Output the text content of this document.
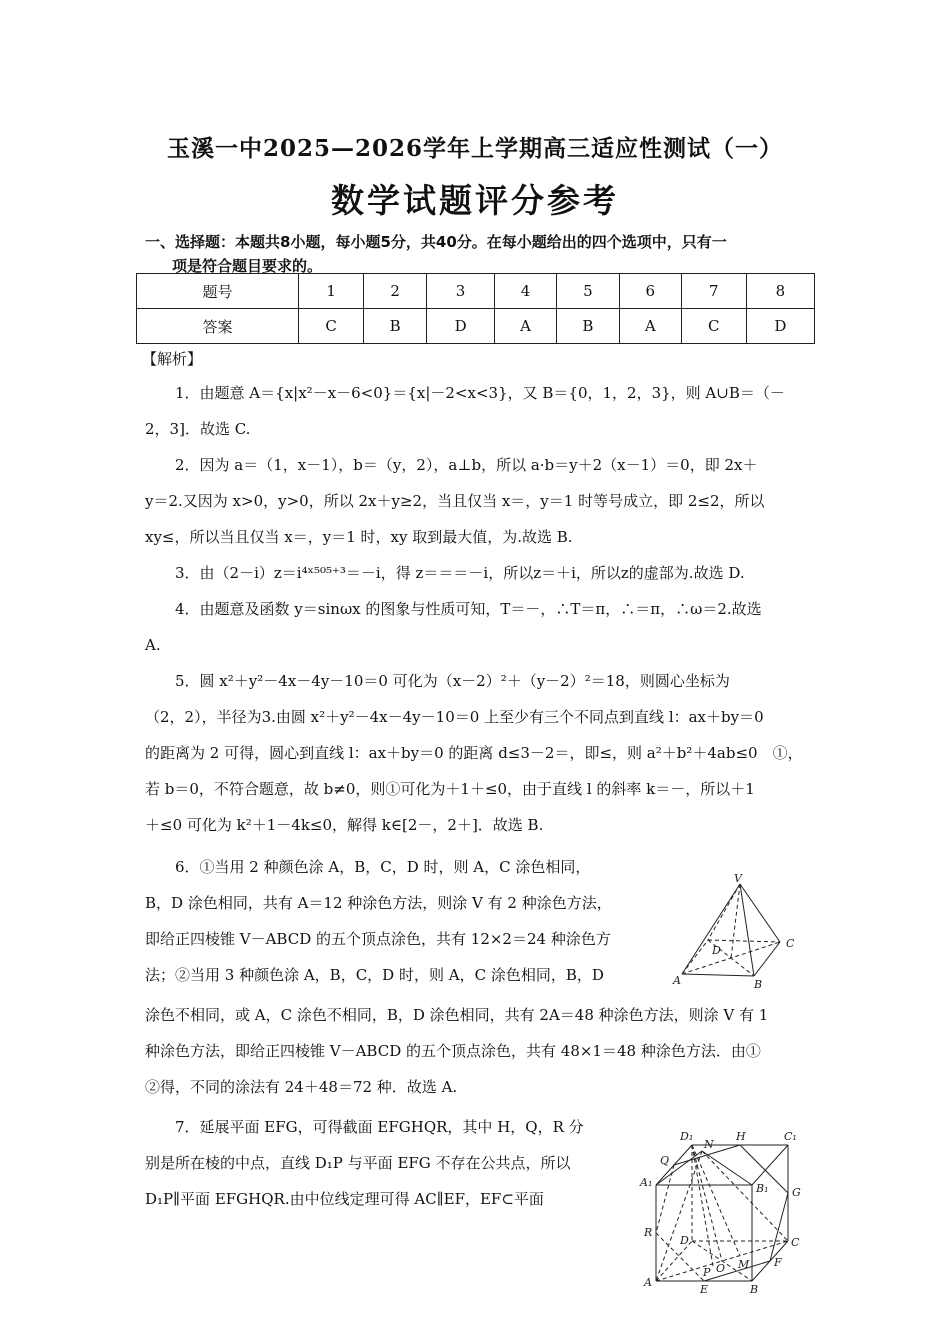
玉溪一中2025—2026学年上学期高三适应性测试（一）
数学试题评分参考
一、选择题：本题共8小题，每小题5分，共40分。在每小题给出的四个选项中，只有一
项是符合题目要求的。
题号	1	2	3	4	5	6	7	8
答案	C	B	D	A	B	A	C	D
【解析】
1．由题意 A＝{x|x²－x－6<0}＝{x|－2<x<3}，又 B＝{0，1，2，3}，则 A∪B＝（－
2，3]．故选 C.
2．因为 a＝（1，x－1），b＝（y，2），a⊥b，所以 a·b＝y＋2（x－1）＝0，即 2x＋
y＝2.又因为 x>0，y>0，所以 2x＋y≥2，当且仅当 x＝，y＝1 时等号成立，即 2≤2，所以
xy≤，所以当且仅当 x＝，y＝1 时，xy 取到最大值，为.故选 B.
3．由（2－i）z＝i⁴ˣ⁵⁰⁵⁺³＝－i，得 z＝＝＝－i，所以z＝＋i，所以z的虚部为.故选 D.
4．由题意及函数 y＝sinωx 的图象与性质可知，T＝－，∴T＝π，∴＝π，∴ω＝2.故选
A.
5．圆 x²＋y²－4x－4y－10＝0 可化为（x－2）²＋（y－2）²＝18，则圆心坐标为
（2，2），半径为3.由圆 x²＋y²－4x－4y－10＝0 上至少有三个不同点到直线 l：ax＋by＝0
的距离为 2 可得，圆心到直线 l：ax＋by＝0 的距离 d≤3－2＝，即≤，则 a²＋b²＋4ab≤0　①，
若 b＝0，不符合题意，故 b≠0，则①可化为＋1＋≤0，由于直线 l 的斜率 k＝－，所以＋1
＋≤0 可化为 k²＋1－4k≤0，解得 k∈[2－，2＋]．故选 B.
6．①当用 2 种颜色涂 A，B，C，D 时，则 A，C 涂色相同，
B，D 涂色相同，共有 A＝12 种涂色方法，则涂 V 有 2 种涂色方法，
即给正四棱锥 V－ABCD 的五个顶点涂色，共有 12×2＝24 种涂色方
法；②当用 3 种颜色涂 A，B，C，D 时，则 A，C 涂色相同，B，D
涂色不相同，或 A，C 涂色不相同，B，D 涂色相同，共有 2A＝48 种涂色方法，则涂 V 有 1
种涂色方法，即给正四棱锥 V－ABCD 的五个顶点涂色，共有 48×1＝48 种涂色方法．由①
②得，不同的涂法有 24＋48＝72 种．故选 A.
V
D
C
A	B
7．延展平面 EFG，可得截面 EFGHQR，其中 H，Q，R 分
别是所在棱的中点，直线 D₁P 与平面 EFG 不存在公共点，所以
D₁P∥平面 EFGHQR.由中位线定理可得 AC∥EF，EF⊂平面
D₁
N
H	C₁
Q
A₁	B₁ G
R
D	C
O M
P
F
A
E	B
